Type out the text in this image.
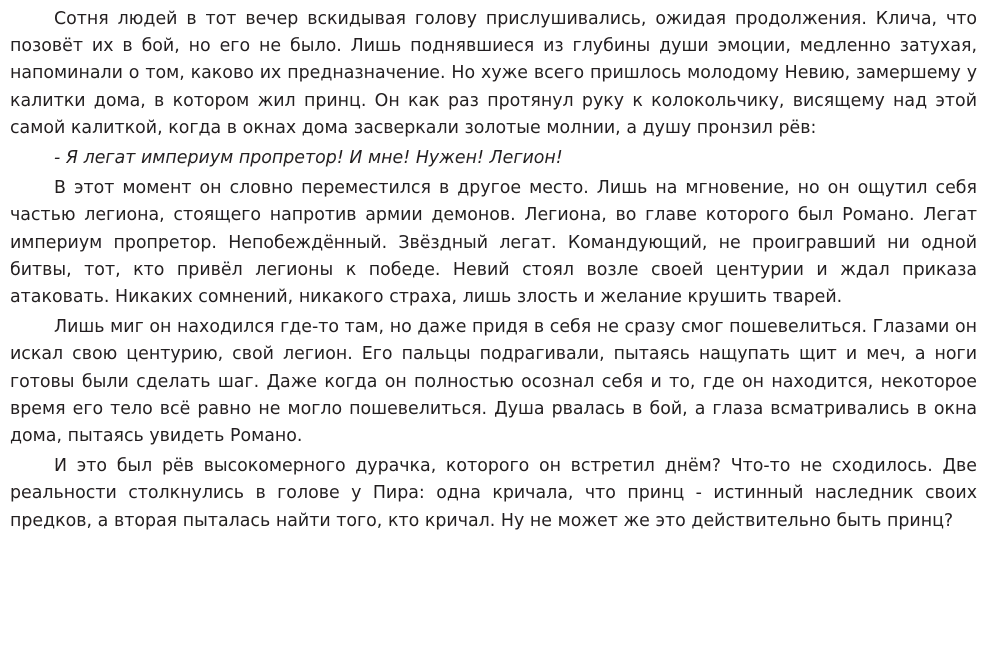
Сотня людей в тот вечер вскидывая голову прислушивались, ожидая продолжения. Клича, что позовёт их в бой, но его не было. Лишь поднявшиеся из глубины души эмоции, медленно затухая, напоминали о том, каково их предназначение. Но хуже всего пришлось молодому Невию, замершему у калитки дома, в котором жил принц. Он как раз протянул руку к колокольчику, висящему над этой самой калиткой, когда в окнах дома засверкали золотые молнии, а душу пронзил рёв:

- Я легат империум пропретор! И мне! Нужен! Легион!

В этот момент он словно переместился в другое место. Лишь на мгновение, но он ощутил себя частью легиона, стоящего напротив армии демонов. Легиона, во главе которого был Романо. Легат империум пропретор. Непобеждённый. Звёздный легат. Командующий, не проигравший ни одной битвы, тот, кто привёл легионы к победе. Невий стоял возле своей центурии и ждал приказа атаковать. Никаких сомнений, никакого страха, лишь злость и желание крушить тварей.

Лишь миг он находился где-то там, но даже придя в себя не сразу смог пошевелиться. Глазами он искал свою центурию, свой легион. Его пальцы подрагивали, пытаясь нащупать щит и меч, а ноги готовы были сделать шаг. Даже когда он полностью осознал себя и то, где он находится, некоторое время его тело всё равно не могло пошевелиться. Душа рвалась в бой, а глаза всматривались в окна дома, пытаясь увидеть Романо.

И это был рёв высокомерного дурачка, которого он встретил днём? Что-то не сходилось. Две реальности столкнулись в голове у Пира: одна кричала, что принц - истинный наследник своих предков, а вторая пыталась найти того, кто кричал. Ну не может же это действительно быть принц?
